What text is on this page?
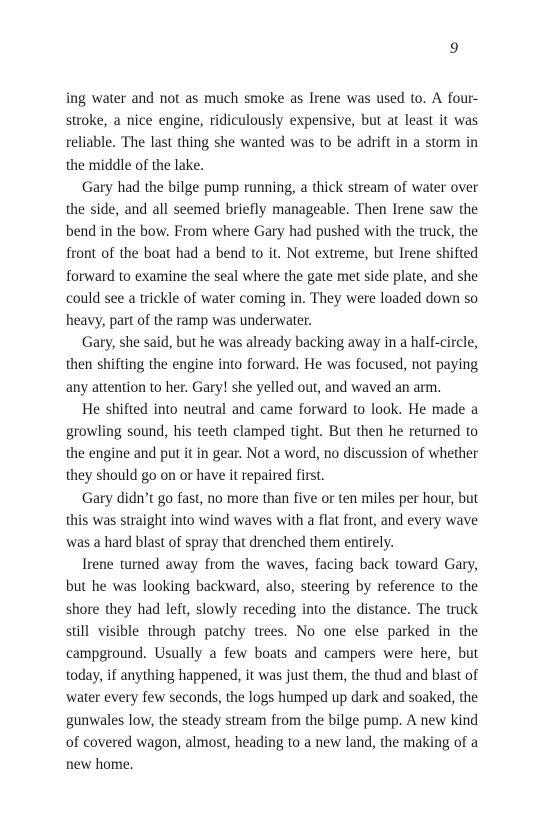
9

ing water and not as much smoke as Irene was used to. A four-stroke, a nice engine, ridiculously expensive, but at least it was reliable. The last thing she wanted was to be adrift in a storm in the middle of the lake.

Gary had the bilge pump running, a thick stream of water over the side, and all seemed briefly manageable. Then Irene saw the bend in the bow. From where Gary had pushed with the truck, the front of the boat had a bend to it. Not extreme, but Irene shifted forward to examine the seal where the gate met side plate, and she could see a trickle of water coming in. They were loaded down so heavy, part of the ramp was underwater.

Gary, she said, but he was already backing away in a half-circle, then shifting the engine into forward. He was focused, not paying any attention to her. Gary! she yelled out, and waved an arm.

He shifted into neutral and came forward to look. He made a growling sound, his teeth clamped tight. But then he returned to the engine and put it in gear. Not a word, no discussion of whether they should go on or have it repaired first.

Gary didn’t go fast, no more than five or ten miles per hour, but this was straight into wind waves with a flat front, and every wave was a hard blast of spray that drenched them entirely.

Irene turned away from the waves, facing back toward Gary, but he was looking backward, also, steering by reference to the shore they had left, slowly receding into the distance. The truck still visible through patchy trees. No one else parked in the campground. Usually a few boats and campers were here, but today, if anything happened, it was just them, the thud and blast of water every few seconds, the logs humped up dark and soaked, the gunwales low, the steady stream from the bilge pump. A new kind of covered wagon, almost, heading to a new land, the making of a new home.
